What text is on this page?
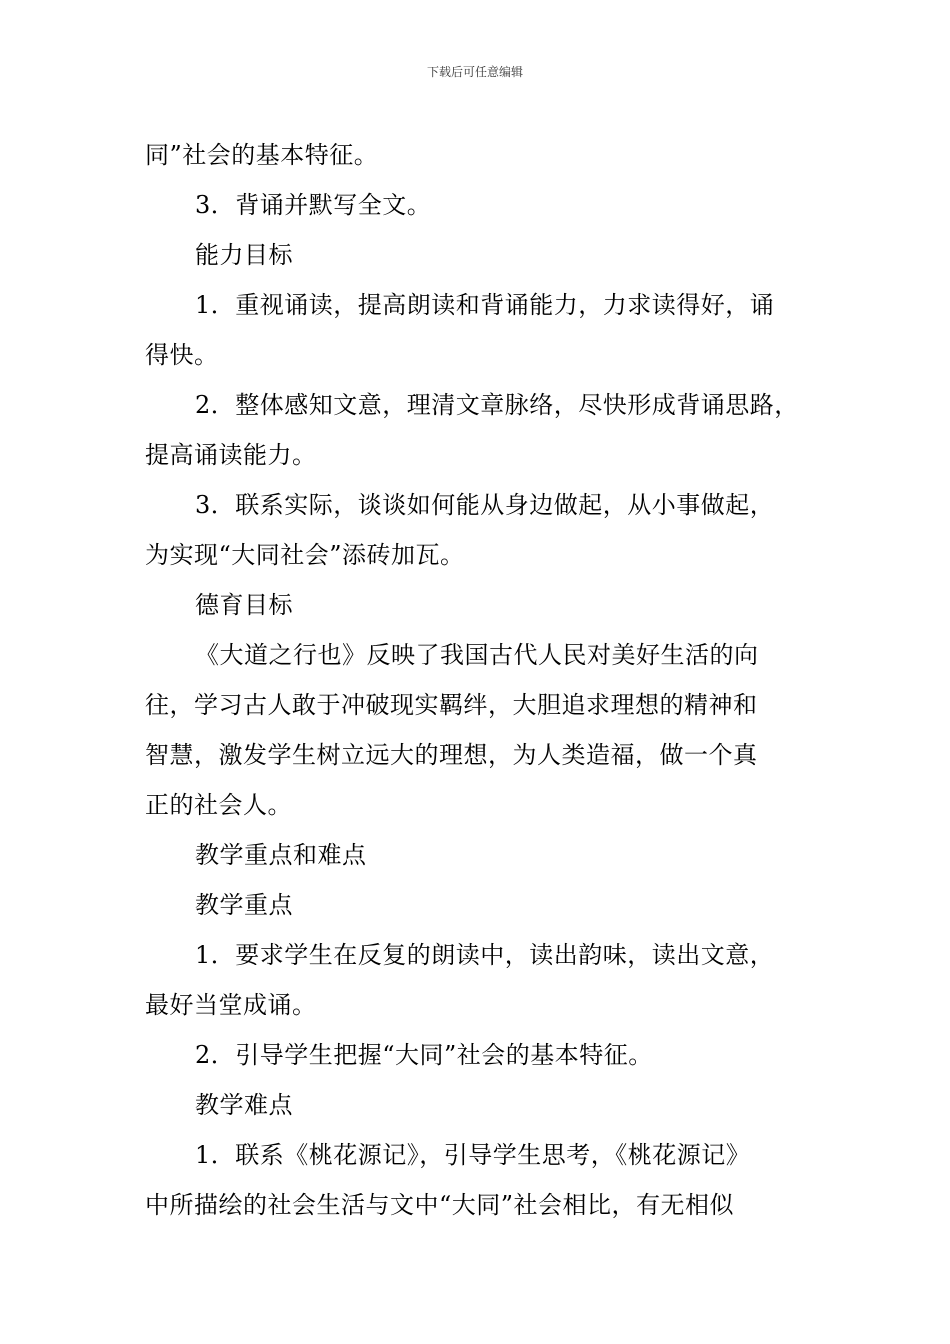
下载后可任意编辑

同”社会的基本特征。

3．背诵并默写全文。

能力目标

1．重视诵读，提高朗读和背诵能力，力求读得好，诵

得快。

2．整体感知文意，理清文章脉络，尽快形成背诵思路，

提高诵读能力。

3．联系实际，谈谈如何能从身边做起，从小事做起，

为实现“大同社会”添砖加瓦。

德育目标

《大道之行也》反映了我国古代人民对美好生活的向

往，学习古人敢于冲破现实羁绊，大胆追求理想的精神和

智慧，激发学生树立远大的理想，为人类造福，做一个真

正的社会人。

教学重点和难点

教学重点

1．要求学生在反复的朗读中，读出韵味，读出文意，

最好当堂成诵。

2．引导学生把握“大同”社会的基本特征。

教学难点

1．联系《桃花源记》，引导学生思考，《桃花源记》

中所描绘的社会生活与文中“大同”社会相比，有无相似
